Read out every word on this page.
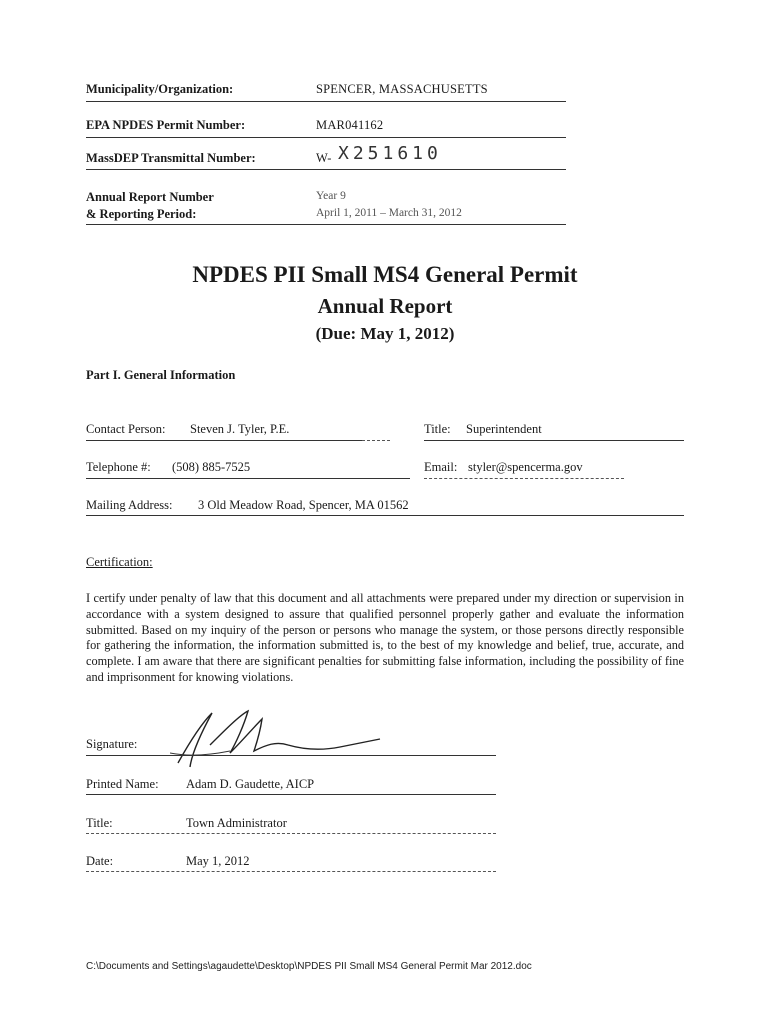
Municipality/Organization:	SPENCER, MASSACHUSETTS
EPA NPDES Permit Number:	MAR041162
MassDEP Transmittal Number:	W- X251610
Annual Report Number
& Reporting Period:
Year 9
April 1, 2011 – March 31, 2012
NPDES PII Small MS4 General Permit
Annual Report
(Due: May 1, 2012)
Part I. General Information
Contact Person: Steven J. Tyler, P.E.	Title: Superintendent
Telephone #: (508) 885-7525	Email: styler@spencerma.gov
Mailing Address: 3 Old Meadow Road, Spencer, MA 01562
Certification:
I certify under penalty of law that this document and all attachments were prepared under my direction or supervision in accordance with a system designed to assure that qualified personnel properly gather and evaluate the information submitted. Based on my inquiry of the person or persons who manage the system, or those persons directly responsible for gathering the information, the information submitted is, to the best of my knowledge and belief, true, accurate, and complete. I am aware that there are significant penalties for submitting false information, including the possibility of fine and imprisonment for knowing violations.
Signature:
Printed Name: Adam D. Gaudette, AICP
Title:	Town Administrator
Date:	May 1, 2012
C:\Documents and Settings\agaudette\Desktop\NPDES PII Small MS4 General Permit Mar 2012.doc
